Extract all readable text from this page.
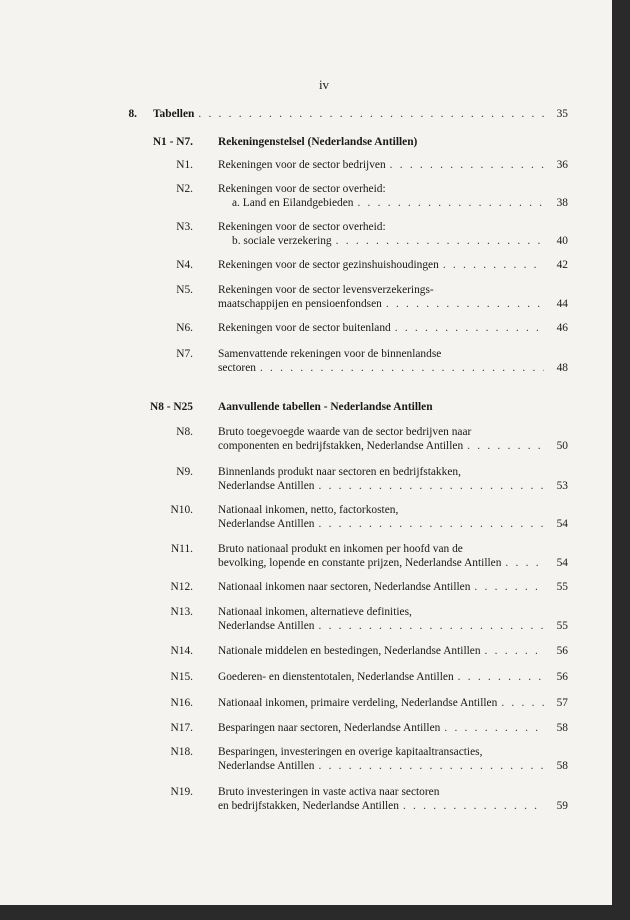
iv
8. Tabellen . . .	35
N1 - N7. Rekeningenstelsel (Nederlandse Antillen)
N1. Rekeningen voor de sector bedrijven . . .	36
N2. Rekeningen voor de sector overheid:
a. Land en Eilandgebieden . . .	38
N3. Rekeningen voor de sector overheid:
b. sociale verzekering . . .	40
N4. Rekeningen voor de sector gezinshuishoudingen . . .	42
N5. Rekeningen voor de sector levensverzekerings-
maatschappijen en pensioenfondsen . . .	44
N6. Rekeningen voor de sector buitenland . . .	46
N7. Samenvattende rekeningen voor de binnenlandse
sectoren . . .	48
N8 - N25 Aanvullende tabellen - Nederlandse Antillen
N8. Bruto toegevoegde waarde van de sector bedrijven naar
componenten en bedrijfstakken, Nederlandse Antillen . . .	50
N9. Binnenlands produkt naar sectoren en bedrijfstakken,
Nederlandse Antillen . . .	53
N10. Nationaal inkomen, netto, factorkosten,
Nederlandse Antillen . . .	54
N11. Bruto nationaal produkt en inkomen per hoofd van de
bevolking, lopende en constante prijzen, Nederlandse Antillen . . .	54
N12. Nationaal inkomen naar sectoren, Nederlandse Antillen . . .	55
N13. Nationaal inkomen, alternatieve definities,
Nederlandse Antillen . . .	55
N14. Nationale middelen en bestedingen, Nederlandse Antillen . . .	56
N15. Goederen- en dienstentotalen, Nederlandse Antillen . . .	56
N16. Nationaal inkomen, primaire verdeling, Nederlandse Antillen . . .	57
N17. Besparingen naar sectoren, Nederlandse Antillen . . .	58
N18. Besparingen, investeringen en overige kapitaaltransacties,
Nederlandse Antillen . . .	58
N19. Bruto investeringen in vaste activa naar sectoren
en bedrijfstakken, Nederlandse Antillen . . .	59
